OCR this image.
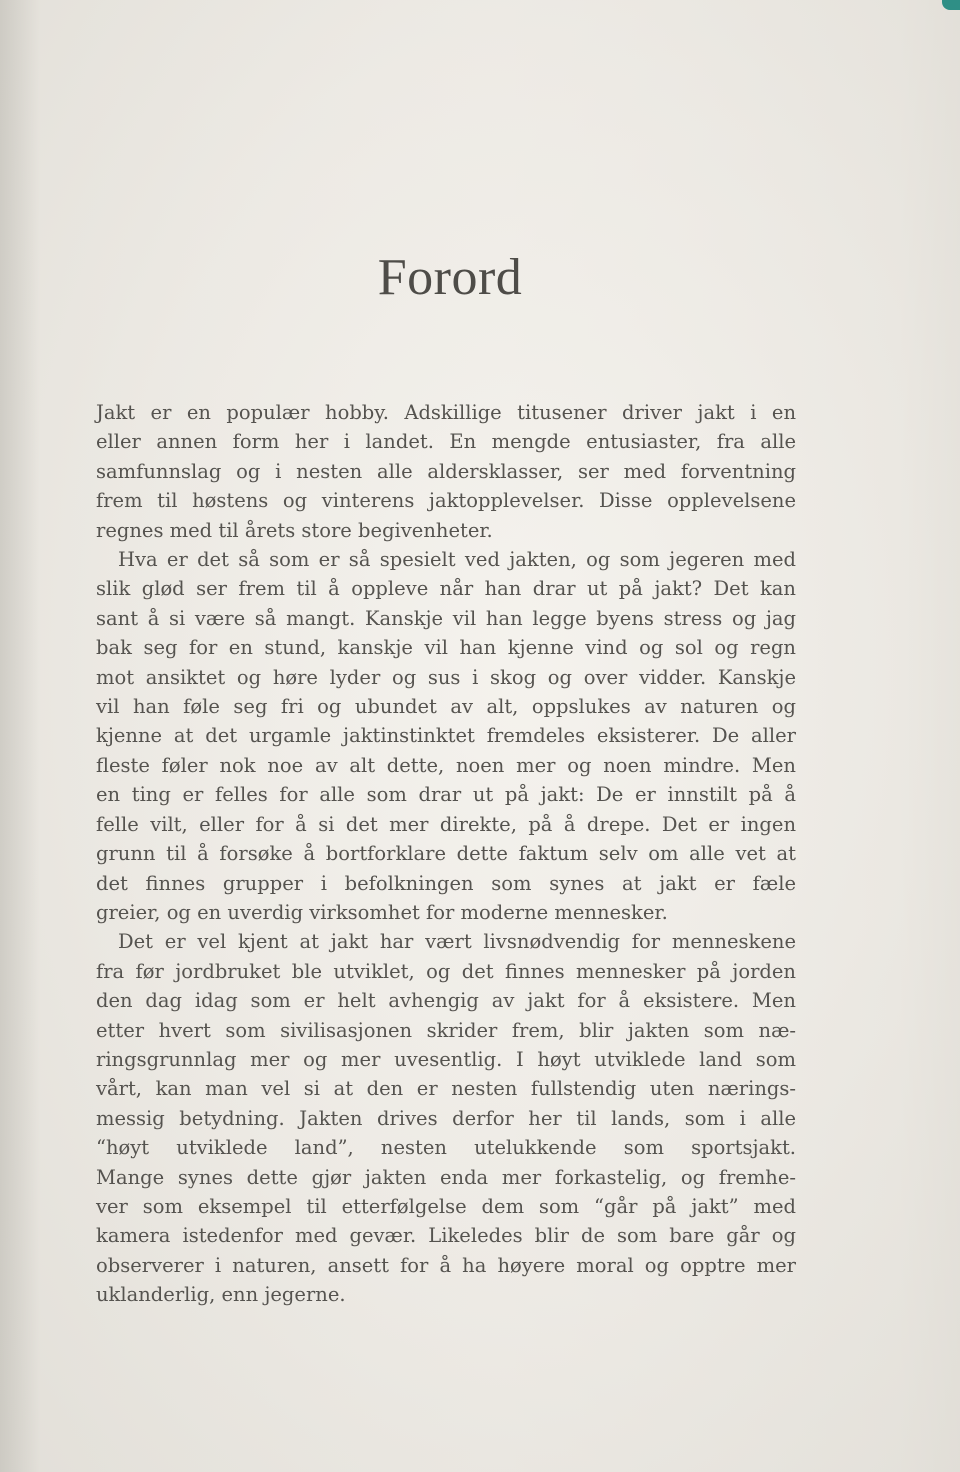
Forord
Jakt er en populær hobby. Adskillige titusener driver jakt i en
eller annen form her i landet. En mengde entusiaster, fra alle
samfunnslag og i nesten alle aldersklasser, ser med forventning
frem til høstens og vinterens jaktopplevelser. Disse opplevelsene
regnes med til årets store begivenheter.
Hva er det så som er så spesielt ved jakten, og som jegeren med
slik glød ser frem til å oppleve når han drar ut på jakt? Det kan
sant å si være så mangt. Kanskje vil han legge byens stress og jag
bak seg for en stund, kanskje vil han kjenne vind og sol og regn
mot ansiktet og høre lyder og sus i skog og over vidder. Kanskje
vil han føle seg fri og ubundet av alt, oppslukes av naturen og
kjenne at det urgamle jaktinstinktet fremdeles eksisterer. De aller
fleste føler nok noe av alt dette, noen mer og noen mindre. Men
en ting er felles for alle som drar ut på jakt: De er innstilt på å
felle vilt, eller for å si det mer direkte, på å drepe. Det er ingen
grunn til å forsøke å bortforklare dette faktum selv om alle vet at
det finnes grupper i befolkningen som synes at jakt er fæle
greier, og en uverdig virksomhet for moderne mennesker.
Det er vel kjent at jakt har vært livsnødvendig for menneskene
fra før jordbruket ble utviklet, og det finnes mennesker på jorden
den dag idag som er helt avhengig av jakt for å eksistere. Men
etter hvert som sivilisasjonen skrider frem, blir jakten som næ-
ringsgrunnlag mer og mer uvesentlig. I høyt utviklede land som
vårt, kan man vel si at den er nesten fullstendig uten nærings-
messig betydning. Jakten drives derfor her til lands, som i alle
“høyt utviklede land”, nesten utelukkende som sportsjakt.
Mange synes dette gjør jakten enda mer forkastelig, og fremhe-
ver som eksempel til etterfølgelse dem som “går på jakt” med
kamera istedenfor med gevær. Likeledes blir de som bare går og
observerer i naturen, ansett for å ha høyere moral og opptre mer
uklanderlig, enn jegerne.
